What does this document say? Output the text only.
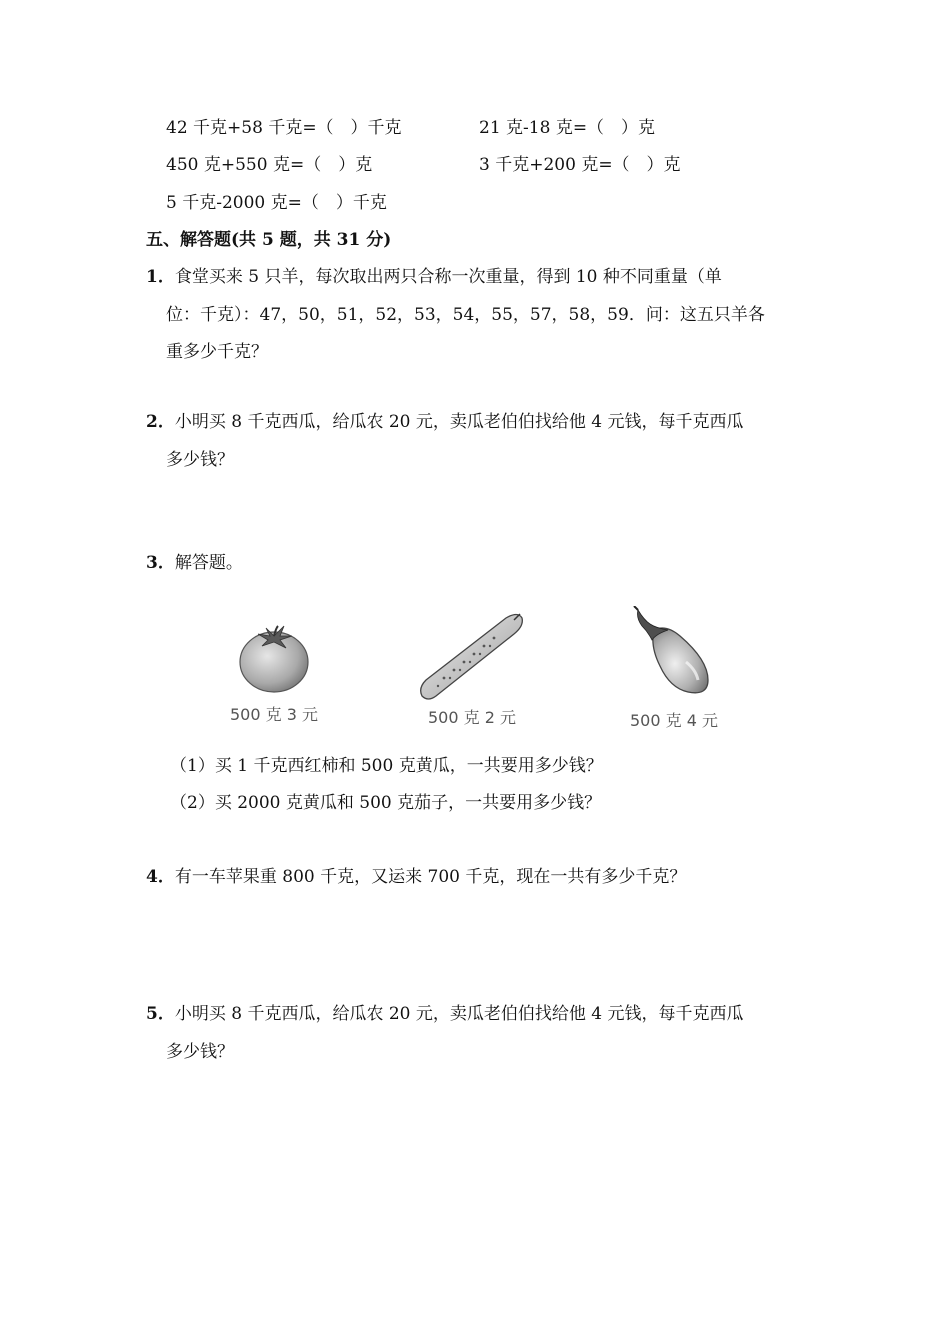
42 千克+58 千克=（　）千克	21 克-18 克=（　）克
450 克+550 克=（　）克	3 千克+200 克=（　）克
5 千克-2000 克=（　）千克
五、解答题(共 5 题，共 31 分)
1．食堂买来 5 只羊，每次取出两只合称一次重量，得到 10 种不同重量（单
位：千克）：47，50，51，52，53，54，55，57，58，59．问：这五只羊各
重多少千克？
2．小明买 8 千克西瓜，给瓜农 20 元，卖瓜老伯伯找给他 4 元钱，每千克西瓜
多少钱？
3．解答题。
500 克 3 元	500 克 2 元	500 克 4 元
（1）买 1 千克西红柿和 500 克黄瓜，一共要用多少钱？
（2）买 2000 克黄瓜和 500 克茄子，一共要用多少钱？
4．有一车苹果重 800 千克，又运来 700 千克，现在一共有多少千克？
5．小明买 8 千克西瓜，给瓜农 20 元，卖瓜老伯伯找给他 4 元钱，每千克西瓜
多少钱？
